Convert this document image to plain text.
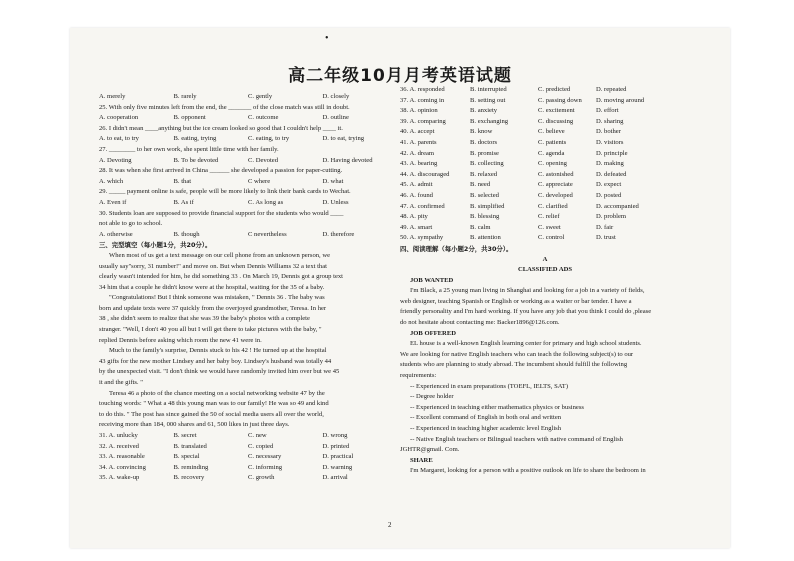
•
高二年级10月月考英语试题
A. merely	B. rarely	C. gently	D. closely
25. With only five minutes left from the end, the _______ of the close match was still in doubt.
A. cooperation	B. opponent	C. outcome	D. outline
26. I didn't mean ____anything but the ice cream looked so good that I couldn't help ____ it.
A. to eat, to try	B. eating, trying	C. eating, to try	D. to eat, trying
27. ________ to her own work, she spent little time with her family.
A. Devoting	B. To be devoted	C. Devoted	D. Having devoted
28. It was when she first arrived in China ______ she developed a passion for paper-cutting.
A. which	B. that	C where	D. what
29. _____ payment online is safe, people will be more likely to link their bank cards to Wechat.
A. Even if	B. As if	C. As long as	D. Unless
30. Students loan are supposed to provide financial support for the students who would ____
not able to go to school.
A. otherwise	B. though	C nevertheless	D. therefore
三、完型填空（每小题1分，共20分）。
When most of us get a text message on our cell phone from an unknown person, we
usually say"sorry, 31 number!" and move on. But when Dennis Williams 32 a text that
clearly wasn't intended for him, he did something 33 . On March 19, Dennis got a group text
34 him that a couple he didn't know were at the hospital, waiting for the 35 of a baby.
"Congratulations! But I think someone was mistaken, " Dennis 36 . The baby was
born and update texts were 37 quickly from the overjoyed grandmother, Teresa. In her
38 , she didn't seem to realize that she was 39 the baby's photos with a complete
stranger. "Well, I don't 40 you all but I will get there to take pictures with the baby, "
replied Dennis before asking which room the new 41 were in.
Much to the family's surprise, Dennis stuck to his 42 ! He turned up at the hospital
43 gifts for the new mother Lindsey and her baby boy. Lindsey's husband was totally 44
by the unexpected visit. "I don't think we would have randomly invited him over but we 45
it and the gifts. "
Teresa 46 a photo of the chance meeting on a social networking website 47 by the
touching words: " What a 48 this young man was to our family! He was so 49 and kind
to do this. " The post has since gained the 50 of social media users all over the world,
receiving more than 184, 000 shares and 61, 500 likes in just three days.
31. A. unlucky	B. secret	C. new	D. wrong
32. A. received	B. translated	C. copied	D. printed
33. A. reasonable	B. special	C. necessary	D. practical
34. A. convincing	B. reminding	C. informing	D. warning
35. A. wake-up	B. recovery	C. growth	D. arrival
36. A. responded	B. interrupted	C. predicted	D. repeated
37. A. coming in	B. setting out	C. passing down	D. moving around
38. A. opinion	B. anxiety	C. excitement	D. effort
39. A. comparing	B. exchanging	C. discussing	D. sharing
40. A. accept	B. know	C. believe	D. bother
41. A. parents	B. doctors	C. patients	D. visitors
42. A. dream	B. promise	C. agenda	D. principle
43. A. bearing	B. collecting	C. opening	D. making
44. A. discouraged	B. relaxed	C. astonished	D. defeated
45. A. admit	B. need	C. appreciate	D. expect
46. A. found	B. selected	C. developed	D. posted
47. A. confirmed	B. simplified	C. clarified	D. accompanied
48. A. pity	B. blessing	C. relief	D. problem
49. A. smart	B. calm	C. sweet	D. fair
50. A. sympathy	B. attention	C. control	D. trust
四、阅读理解（每小题2分，共30分）。
A
CLASSIFIED ADS
JOB WANTED
I'm Black, a 25 young man living in Shanghai and looking for a job in a variety of fields,
web designer, teaching Spanish or English or working as a waiter or bar tender. I have a
friendly personality and I'm hard working. If you have any job that you think I could do ,please
do not hesitate about contacting me: Backer1896@126.com.
JOB OFFERED
EL house is a well-known English learning center for primary and high school students.
We are looking for native English teachers who can teach the following subject(s) to our
students who are planning to study abroad. The incumbent should fulfill the following
requirements:
-- Experienced in exam preparations (TOEFL, IELTS, SAT)
-- Degree holder
-- Experienced in teaching either mathematics physics or business
-- Excellent command of English in both oral and written
-- Experienced in teaching higher academic level English
-- Native English teachers or Bilingual teachers with native command of English
JGHTR@gmail. Com.
SHARE
I'm Margaret, looking for a person with a positive outlook on life to share the bedroom in
2
